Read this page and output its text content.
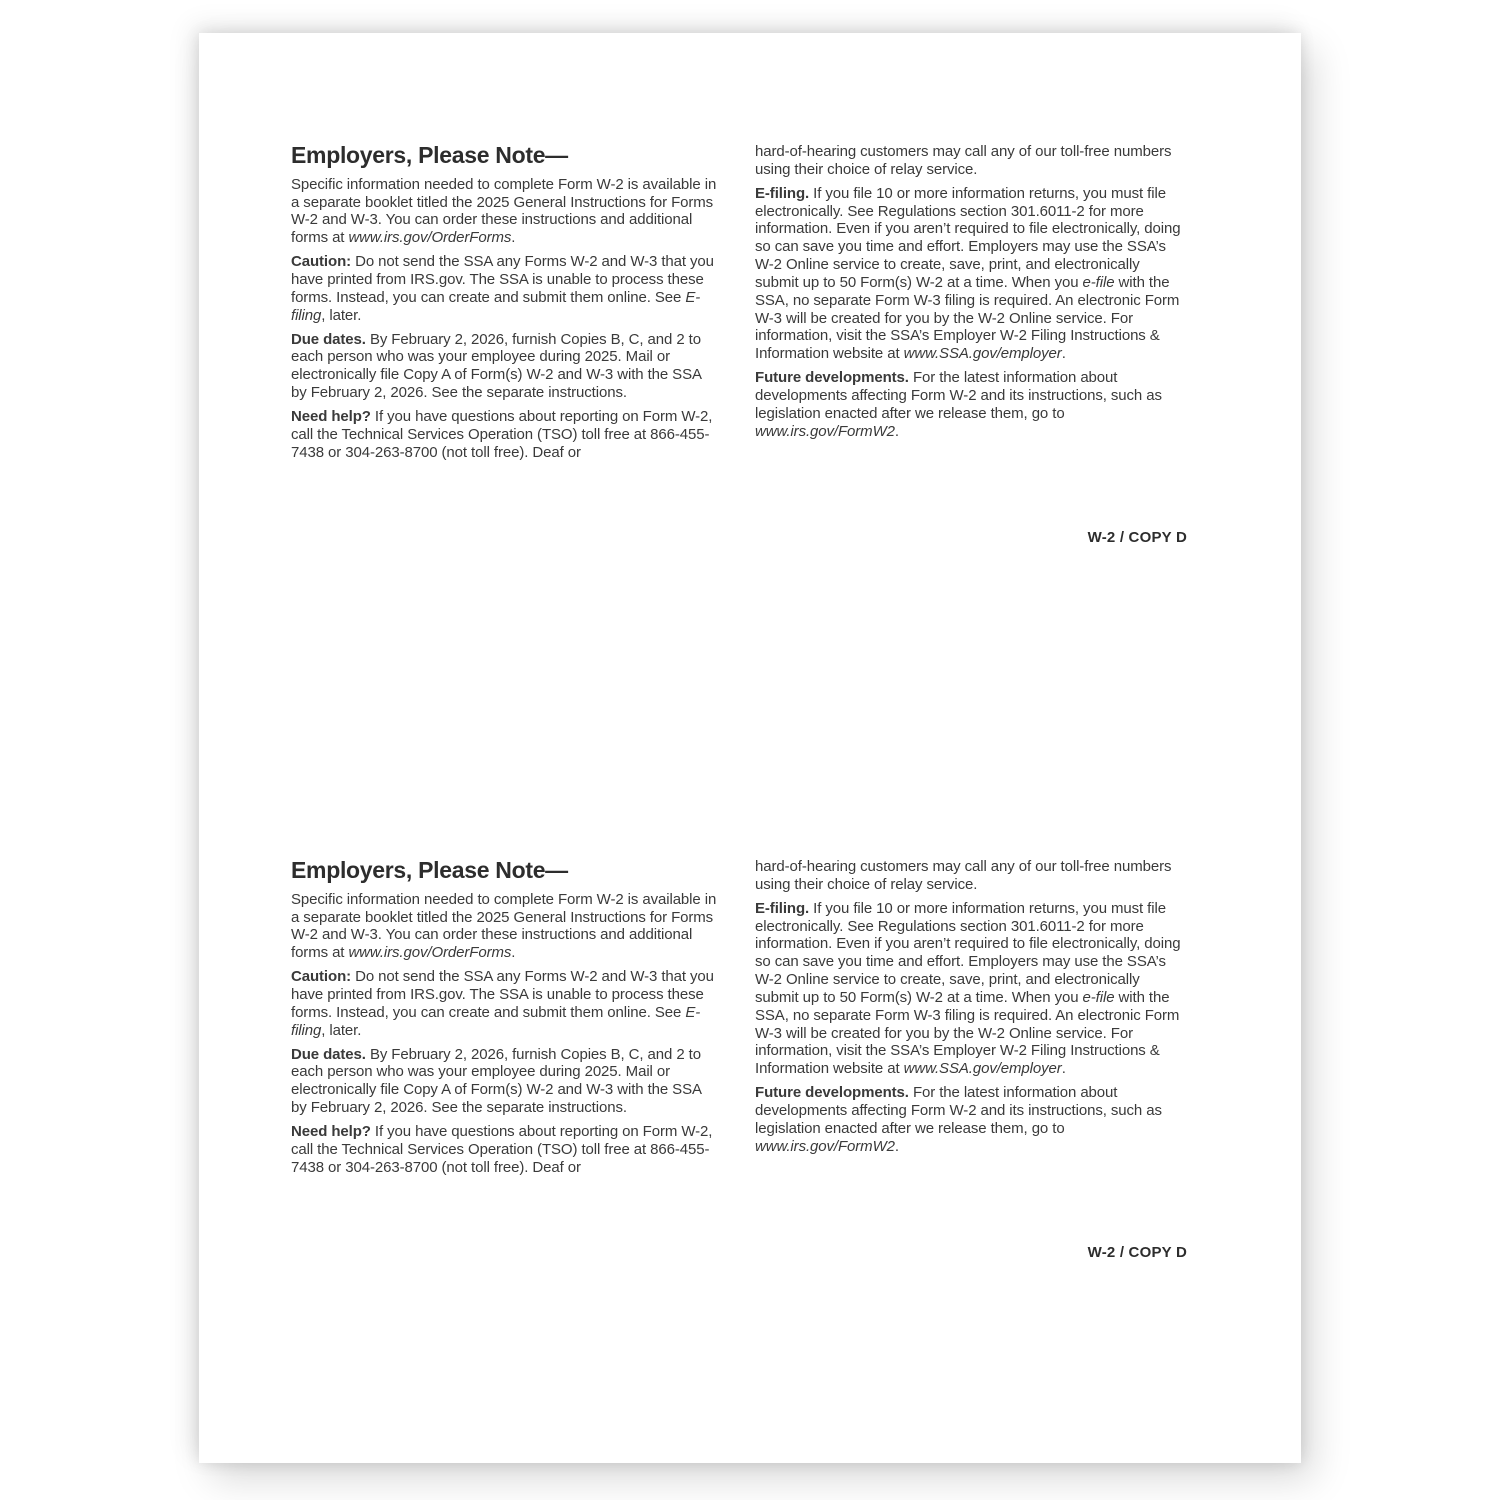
Employers, Please Note—

Specific information needed to complete Form W-2 is available in a separate booklet titled the 2025 General Instructions for Forms W-2 and W-3. You can order these instructions and additional forms at www.irs.gov/OrderForms.

Caution: Do not send the SSA any Forms W-2 and W-3 that you have printed from IRS.gov. The SSA is unable to process these forms. Instead, you can create and submit them online. See E-filing, later.

Due dates. By February 2, 2026, furnish Copies B, C, and 2 to each person who was your employee during 2025. Mail or electronically file Copy A of Form(s) W-2 and W-3 with the SSA by February 2, 2026. See the separate instructions.

Need help? If you have questions about reporting on Form W-2, call the Technical Services Operation (TSO) toll free at 866-455-7438 or 304-263-8700 (not toll free). Deaf or

hard-of-hearing customers may call any of our toll-free numbers using their choice of relay service.

E-filing. If you file 10 or more information returns, you must file electronically. See Regulations section 301.6011-2 for more information. Even if you aren’t required to file electronically, doing so can save you time and effort. Employers may use the SSA’s W-2 Online service to create, save, print, and electronically submit up to 50 Form(s) W-2 at a time. When you e-file with the SSA, no separate Form W-3 filing is required. An electronic Form W-3 will be created for you by the W-2 Online service. For information, visit the SSA’s Employer W-2 Filing Instructions & Information website at www.SSA.gov/employer.

Future developments. For the latest information about developments affecting Form W-2 and its instructions, such as legislation enacted after we release them, go to www.irs.gov/FormW2.

W-2 / COPY D
Employers, Please Note—

Specific information needed to complete Form W-2 is available in a separate booklet titled the 2025 General Instructions for Forms W-2 and W-3. You can order these instructions and additional forms at www.irs.gov/OrderForms.

Caution: Do not send the SSA any Forms W-2 and W-3 that you have printed from IRS.gov. The SSA is unable to process these forms. Instead, you can create and submit them online. See E-filing, later.

Due dates. By February 2, 2026, furnish Copies B, C, and 2 to each person who was your employee during 2025. Mail or electronically file Copy A of Form(s) W-2 and W-3 with the SSA by February 2, 2026. See the separate instructions.

Need help? If you have questions about reporting on Form W-2, call the Technical Services Operation (TSO) toll free at 866-455-7438 or 304-263-8700 (not toll free). Deaf or

hard-of-hearing customers may call any of our toll-free numbers using their choice of relay service.

E-filing. If you file 10 or more information returns, you must file electronically. See Regulations section 301.6011-2 for more information. Even if you aren’t required to file electronically, doing so can save you time and effort. Employers may use the SSA’s W-2 Online service to create, save, print, and electronically submit up to 50 Form(s) W-2 at a time. When you e-file with the SSA, no separate Form W-3 filing is required. An electronic Form W-3 will be created for you by the W-2 Online service. For information, visit the SSA’s Employer W-2 Filing Instructions & Information website at www.SSA.gov/employer.

Future developments. For the latest information about developments affecting Form W-2 and its instructions, such as legislation enacted after we release them, go to www.irs.gov/FormW2.

W-2 / COPY D
